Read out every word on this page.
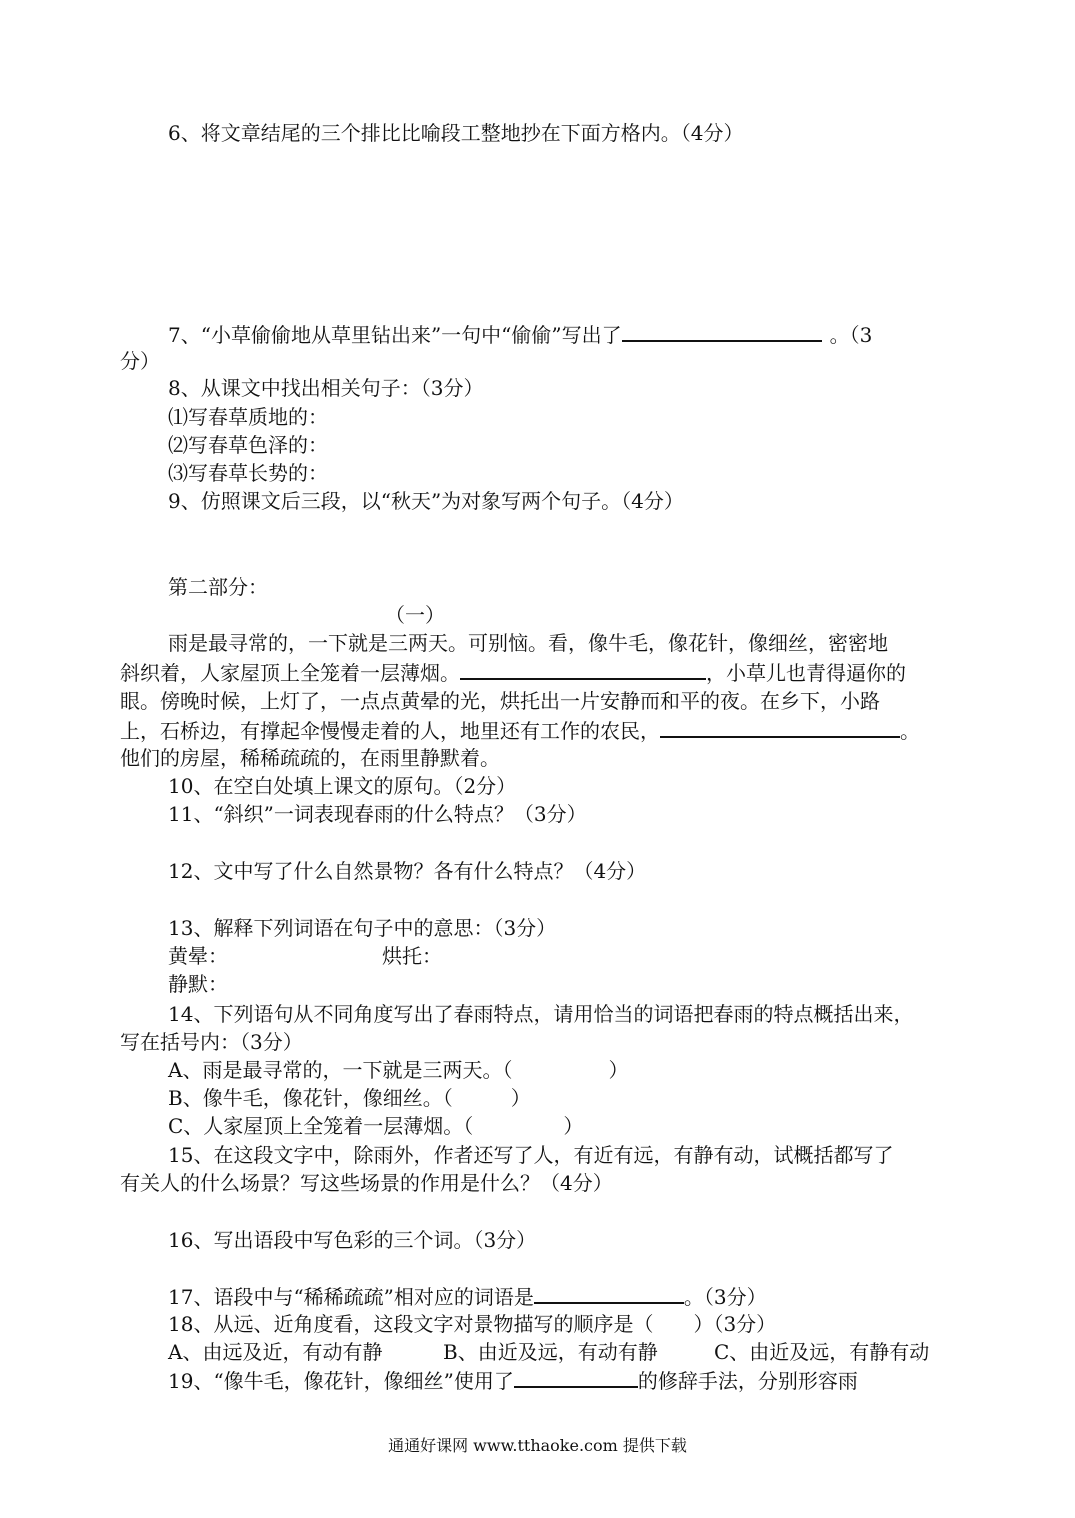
6、将文章结尾的三个排比比喻段工整地抄在下面方格内。（4分）
7、“小草偷偷地从草里钻出来”一句中“偷偷”写出了	。（3
分）
8、从课文中找出相关句子：（3分）
⑴写春草质地的：
⑵写春草色泽的：
⑶写春草长势的：
9、仿照课文后三段，以“秋天”为对象写两个句子。（4分）
第二部分：
（一）
雨是最寻常的，一下就是三两天。可别恼。看，像牛毛，像花针，像细丝，密密地
斜织着，人家屋顶上全笼着一层薄烟。	，小草儿也青得逼你的
眼。傍晚时候，上灯了，一点点黄晕的光，烘托出一片安静而和平的夜。在乡下，小路
上，石桥边，有撑起伞慢慢走着的人，地里还有工作的农民，	。
他们的房屋，稀稀疏疏的，在雨里静默着。
10、在空白处填上课文的原句。（2分）
11、“斜织”一词表现春雨的什么特点？（3分）
12、文中写了什么自然景物？各有什么特点？（4分）
13、解释下列词语在句子中的意思：（3分）
黄晕：	烘托：
静默：
14、下列语句从不同角度写出了春雨特点，请用恰当的词语把春雨的特点概括出来，
写在括号内：（3分）
A、雨是最寻常的，一下就是三两天。（	）
B、像牛毛，像花针，像细丝。（	）
C、人家屋顶上全笼着一层薄烟。（	）
15、在这段文字中，除雨外，作者还写了人，有近有远，有静有动，试概括都写了
有关人的什么场景？写这些场景的作用是什么？（4分）
16、写出语段中写色彩的三个词。（3分）
17、语段中与“稀稀疏疏”相对应的词语是	。（3分）
18、从远、近角度看，这段文字对景物描写的顺序是（ ）（3分）
A、由远及近，有动有静	B、由近及远，有动有静	C、由近及远，有静有动
19、“像牛毛，像花针，像细丝”使用了	的修辞手法，分别形容雨
通通好课网 www.tthaoke.com 提供下载
